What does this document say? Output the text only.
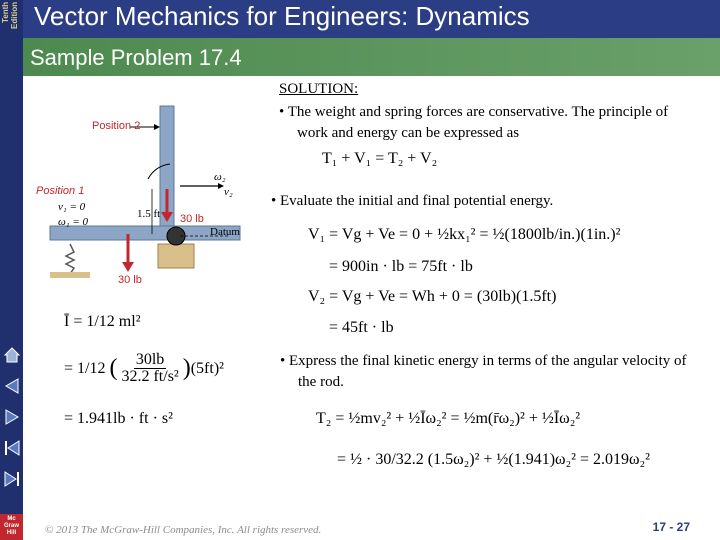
Tenth Edition Vector Mechanics for Engineers: Dynamics
Sample Problem 17.4
Mc
Graw
Hill
Position 2
Position 1
ω₁ = 0
v₁ = 0
ω₂
v₂
1.5 ft 30 lb
Datum
30 lb
SOLUTION:
• The weight and spring forces are conservative. The principle of work and energy can be expressed as
T₁ + V₁ = T₂ + V₂
• Evaluate the initial and final potential energy.
V₁ = Vg + Ve = 0 + ½kx₁² = ½(1800lb/in.)(1in.)²
= 900in · lb = 75ft · lb
V₂ = Vg + Ve = Wh + 0 = (30lb)(1.5ft)
= 45ft · lb
Ī = 1/12 ml²
= 1/12 ( $\frac{30lb}{\text{32.2 ft/s²}}$ ) (5ft)²
= 1.941lb · ft · s²
• Express the final kinetic energy in terms of the angular velocity of the rod.
T₂ = ½mv₂² + ½Īω₂² = ½m(r̄ω₂)² + ½Īω₂²
= ½ · 30/32.2 (1.5ω₂)² + ½(1.941)ω₂² = 2.019ω₂²
© 2013 The McGraw-Hill Companies, Inc. All rights reserved.	17 - 27
